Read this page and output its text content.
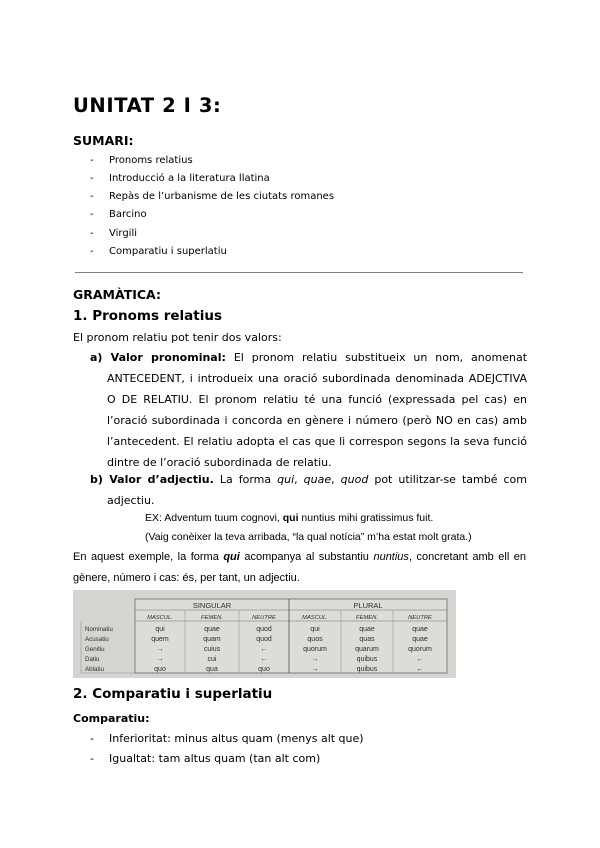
UNITAT 2 I 3:
SUMARI:
- Pronoms relatius
- Introducció a la literatura llatina
- Repàs de l’urbanisme de les ciutats romanes
- Barcino
- Virgili
- Comparatiu i superlatiu
GRAMÀTICA:
1. Pronoms relatius
El pronom relatiu pot tenir dos valors:
a) Valor pronominal: El pronom relatiu substitueix un nom, anomenat ANTECEDENT, i introdueix una oració subordinada denominada ADEJCTIVA O DE RELATIU. El pronom relatiu té una funció (expressada pel cas) en l’oració subordinada i concorda en gènere i número (però NO en cas) amb l’antecedent. El relatiu adopta el cas que li correspon segons la seva funció dintre de l’oració subordinada de relatiu.
b) Valor d’adjectiu. La forma qui, quae, quod pot utilitzar-se també com adjectiu.
EX: Adventum tuum cognovi, qui nuntius mihi gratissimus fuit.
(Vaig conèixer la teva arribada, “la qual notícia” m’ha estat molt grata.)
En aquest exemple, la forma qui acompanya al substantiu nuntius, concretant amb ell en gènere, número i cas: és, per tant, un adjectiu.
SINGULAR	PLURAL
MASCUL.	FEMEN.	NEUTRE	MASCUL.	FEMEN.	NEUTRE
Nominatiu	qui	quae	quod	qui	quae	quae
Acusatiu	quem	quam	quod	quos	quas	quae
Genitiu	→	cuius	←	quorum	quarum	quorum
Datiu	→	cui	←	→	quibus	←
Ablatiu	quo	qua	quo	→	quibus	←
2. Comparatiu i superlatiu
Comparatiu:
- Inferioritat: minus altus quam (menys alt que)
- Igualtat: tam altus quam (tan alt com)
